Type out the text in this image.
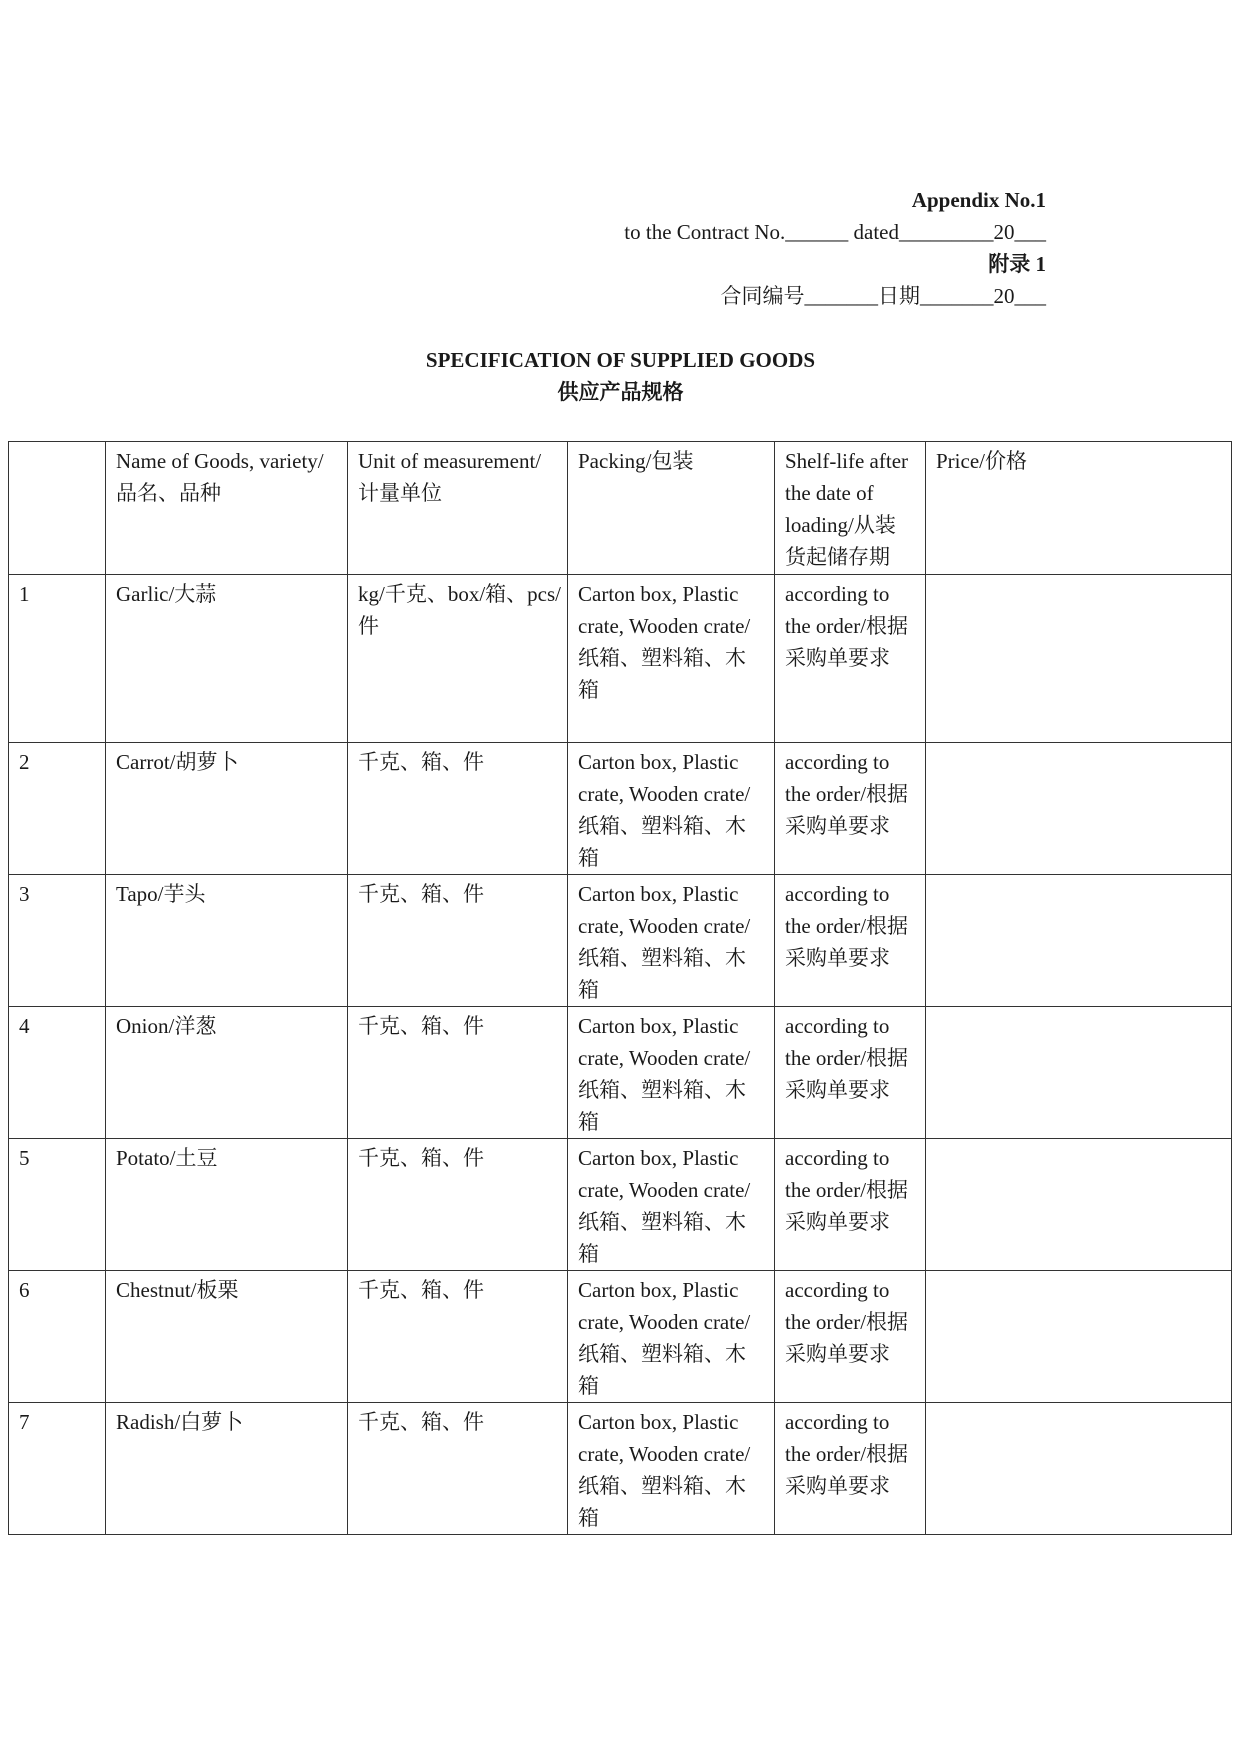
Appendix No.1
to the Contract No.______ dated_________20___
附录 1
合同编号_______日期_______20___
SPECIFICATION OF SUPPLIED GOODS
供应产品规格

	Name of Goods, variety/
品名、品种	Unit of measurement/
计量单位	Packing/包装	Shelf-life after
the date of
loading/从装
货起储存期	Price/价格

1	Garlic/大蒜	kg/千克、box/箱、pcs/
件	Carton box, Plastic
crate, Wooden crate/
纸箱、塑料箱、木
箱	according to
the order/根据
采购单要求	

2	Carrot/胡萝卜	千克、箱、件	Carton box, Plastic
crate, Wooden crate/
纸箱、塑料箱、木
箱	according to
the order/根据
采购单要求	

3	Tapo/芋头	千克、箱、件	Carton box, Plastic
crate, Wooden crate/
纸箱、塑料箱、木
箱	according to
the order/根据
采购单要求	

4	Onion/洋葱	千克、箱、件	Carton box, Plastic
crate, Wooden crate/
纸箱、塑料箱、木
箱	according to
the order/根据
采购单要求	

5	Potato/土豆	千克、箱、件	Carton box, Plastic
crate, Wooden crate/
纸箱、塑料箱、木
箱	according to
the order/根据
采购单要求	

6	Chestnut/板栗	千克、箱、件	Carton box, Plastic
crate, Wooden crate/
纸箱、塑料箱、木
箱	according to
the order/根据
采购单要求	

7	Radish/白萝卜	千克、箱、件	Carton box, Plastic
crate, Wooden crate/
纸箱、塑料箱、木
箱	according to
the order/根据
采购单要求	
